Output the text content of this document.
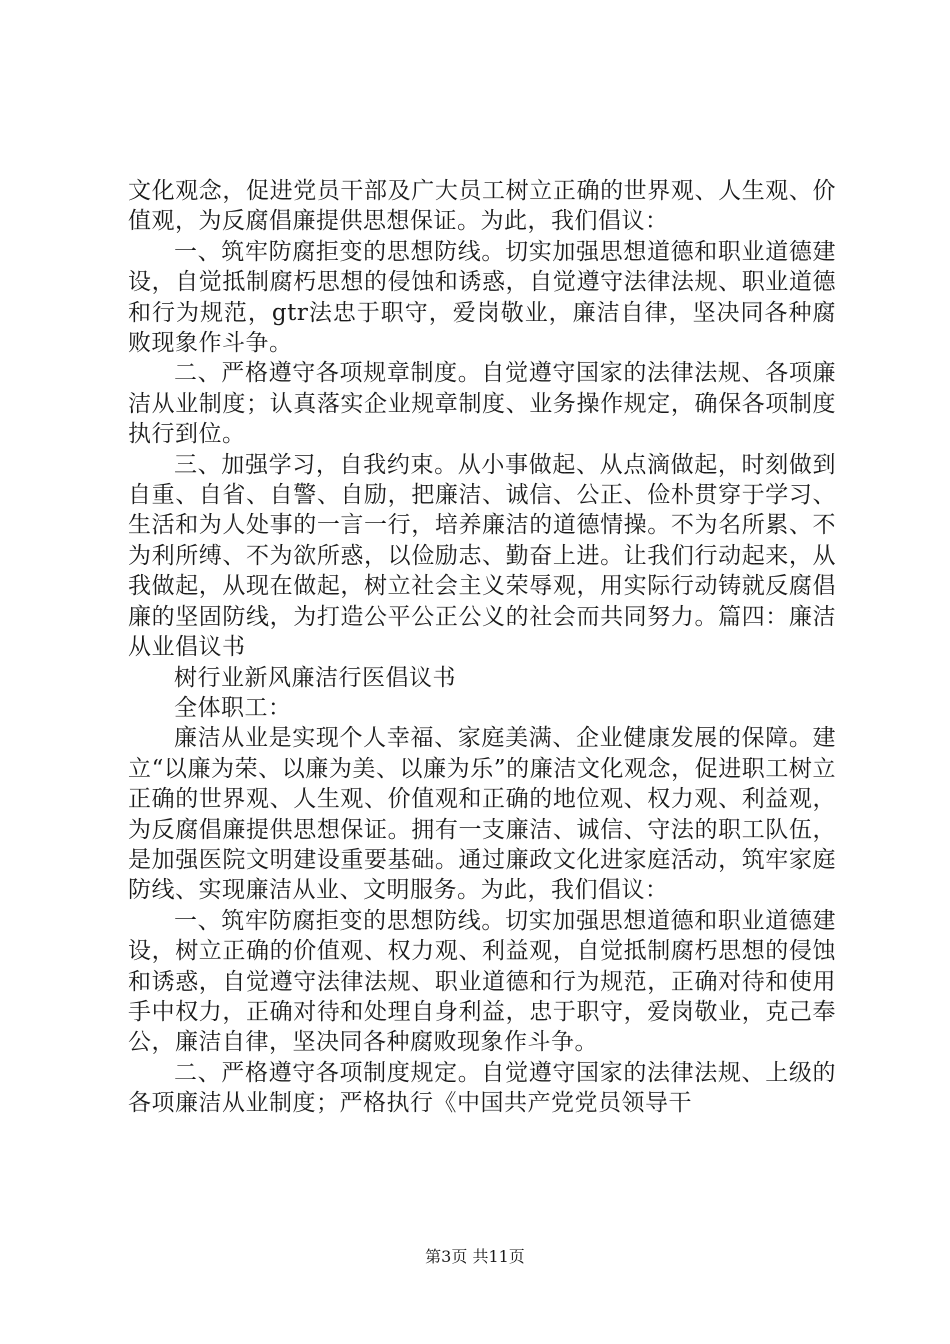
文化观念，促进党员干部及广大员工树立正确的世界观、人生观、价值观，为反腐倡廉提供思想保证。为此，我们倡议：

一、筑牢防腐拒变的思想防线。切实加强思想道德和职业道德建设，自觉抵制腐朽思想的侵蚀和诱惑，自觉遵守法律法规、职业道德和行为规范，gtr法忠于职守，爱岗敬业，廉洁自律，坚决同各种腐败现象作斗争。

二、严格遵守各项规章制度。自觉遵守国家的法律法规、各项廉洁从业制度；认真落实企业规章制度、业务操作规定，确保各项制度执行到位。

三、加强学习，自我约束。从小事做起、从点滴做起，时刻做到自重、自省、自警、自励，把廉洁、诚信、公正、俭朴贯穿于学习、生活和为人处事的一言一行，培养廉洁的道德情操。不为名所累、不为利所缚、不为欲所惑，以俭励志、勤奋上进。让我们行动起来，从我做起，从现在做起，树立社会主义荣辱观，用实际行动铸就反腐倡廉的坚固防线，为打造公平公正公义的社会而共同努力。篇四：廉洁从业倡议书

树行业新风廉洁行医倡议书

全体职工：

廉洁从业是实现个人幸福、家庭美满、企业健康发展的保障。建立“以廉为荣、以廉为美、以廉为乐”的廉洁文化观念，促进职工树立正确的世界观、人生观、价值观和正确的地位观、权力观、利益观，为反腐倡廉提供思想保证。拥有一支廉洁、诚信、守法的职工队伍，是加强医院文明建设重要基础。通过廉政文化进家庭活动，筑牢家庭防线、实现廉洁从业、文明服务。为此，我们倡议：

一、筑牢防腐拒变的思想防线。切实加强思想道德和职业道德建设，树立正确的价值观、权力观、利益观，自觉抵制腐朽思想的侵蚀和诱惑，自觉遵守法律法规、职业道德和行为规范，正确对待和使用手中权力，正确对待和处理自身利益，忠于职守，爱岗敬业，克己奉公，廉洁自律，坚决同各种腐败现象作斗争。

二、严格遵守各项制度规定。自觉遵守国家的法律法规、上级的各项廉洁从业制度；严格执行《中国共产党党员领导干

第3页 共11页
